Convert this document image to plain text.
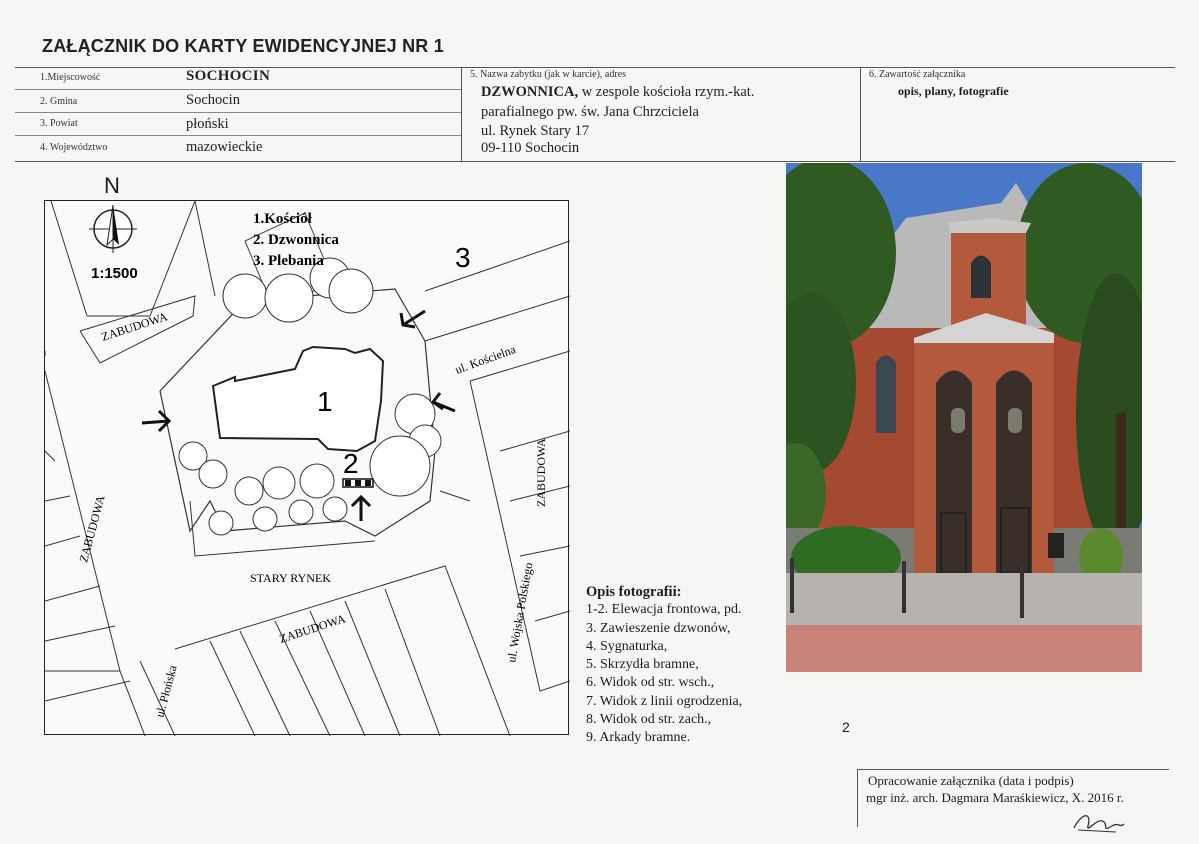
ZAŁĄCZNIK DO KARTY EWIDENCYJNEJ NR 1
1.Miejscowość	SOCHOCIN
2. Gmina	Sochocin
3. Powiat	płoński
4. Województwo	mazowieckie
5. Nazwa zabytku (jak w karcie), adres
DZWONNICA, w zespole kościoła rzym.-kat.
parafialnego pw. św. Jana Chrzciciela
ul. Rynek Stary 17
09-110 Sochocin
6. Zawartość załącznika
opis, plany, fotografie
N
1:1500
1.Kościół
2. Dzwonnica
3. Plebania
1
2
3
ZABUDOWA
ul. Kościelna
ZABUDOWA
ZABUDOWA
STARY RYNEK	ul. Wojska Polskiego
ZABUDOWA
ul. Płońska
Opis fotografii:
1-2. Elewacja frontowa, pd.
3. Zawieszenie dzwonów,
4. Sygnaturka,
5. Skrzydła bramne,
6. Widok od str. wsch.,
7. Widok z linii ogrodzenia,
8. Widok od str. zach.,
9. Arkady bramne.
2
Opracowanie załącznika (data i podpis)
mgr inż. arch. Dagmara Maraśkiewicz, X. 2016 r.
